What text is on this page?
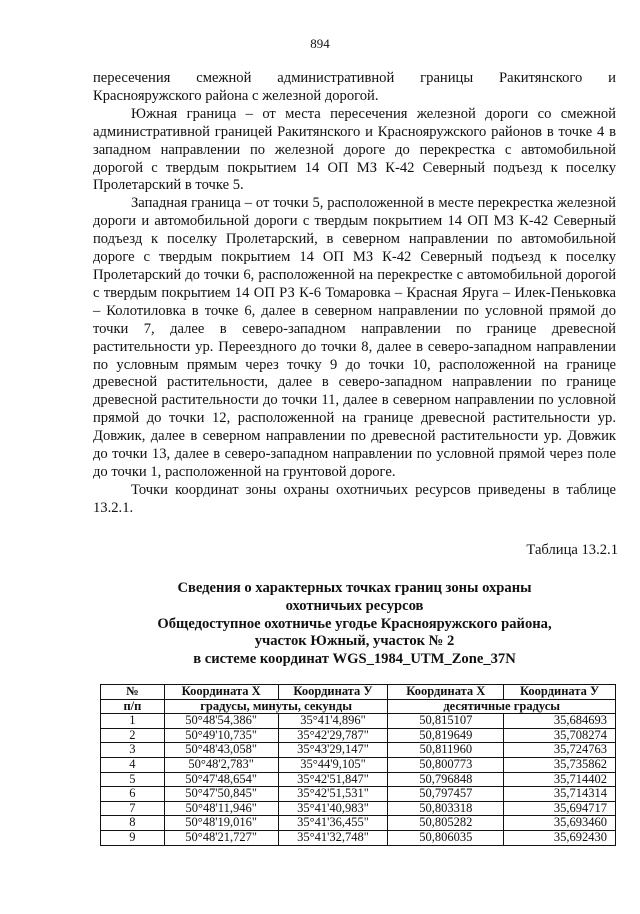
894

пересечения смежной административной границы Ракитянского и Краснояружского района с железной дорогой.

Южная граница – от места пересечения железной дороги со смежной административной границей Ракитянского и Краснояружского районов в точке 4 в западном направлении по железной дороге до перекрестка с автомобильной дорогой с твердым покрытием 14 ОП МЗ К-42 Северный подъезд к поселку Пролетарский в точке 5.

Западная граница – от точки 5, расположенной в месте перекрестка железной дороги и автомобильной дороги с твердым покрытием 14 ОП МЗ К-42 Северный подъезд к поселку Пролетарский, в северном направлении по автомобильной дороге с твердым покрытием 14 ОП МЗ К-42 Северный подъезд к поселку Пролетарский до точки 6, расположенной на перекрестке с автомобильной дорогой с твердым покрытием 14 ОП РЗ К-6 Томаровка – Красная Яруга – Илек-Пеньковка – Колотиловка в точке 6, далее в северном направлении по условной прямой до точки 7, далее в северо-западном направлении по границе древесной растительности ур. Переездного до точки 8, далее в северо-западном направлении по условным прямым через точку 9 до точки 10, расположенной на границе древесной растительности, далее в северо-западном направлении по границе древесной растительности до точки 11, далее в северном направлении по условной прямой до точки 12, расположенной на границе древесной растительности ур. Довжик, далее в северном направлении по древесной растительности ур. Довжик до точки 13, далее в северо-западном направлении по условной прямой через поле до точки 1, расположенной на грунтовой дороге.

Точки координат зоны охраны охотничьих ресурсов приведены в таблице 13.2.1.

Таблица 13.2.1
Сведения о характерных точках границ зоны охраны
охотничьих ресурсов
Общедоступное охотничье угодье Краснояружского района,
участок Южный, участок № 2
в системе координат WGS_1984_UTM_Zone_37N
№	Координата X	Координата У	Координата X	Координата У
п/п	градусы, минуты, секунды		десятичные градусы	
1	50°48'54,386"	35°41'4,896"	50,815107	35,684693
2	50°49'10,735"	35°42'29,787"	50,819649	35,708274
3	50°48'43,058"	35°43'29,147"	50,811960	35,724763
4	50°48'2,783"	35°44'9,105"	50,800773	35,735862
5	50°47'48,654"	35°42'51,847"	50,796848	35,714402
6	50°47'50,845"	35°42'51,531"	50,797457	35,714314
7	50°48'11,946"	35°41'40,983"	50,803318	35,694717
8	50°48'19,016"	35°41'36,455"	50,805282	35,693460
9	50°48'21,727"	35°41'32,748"	50,806035	35,692430
